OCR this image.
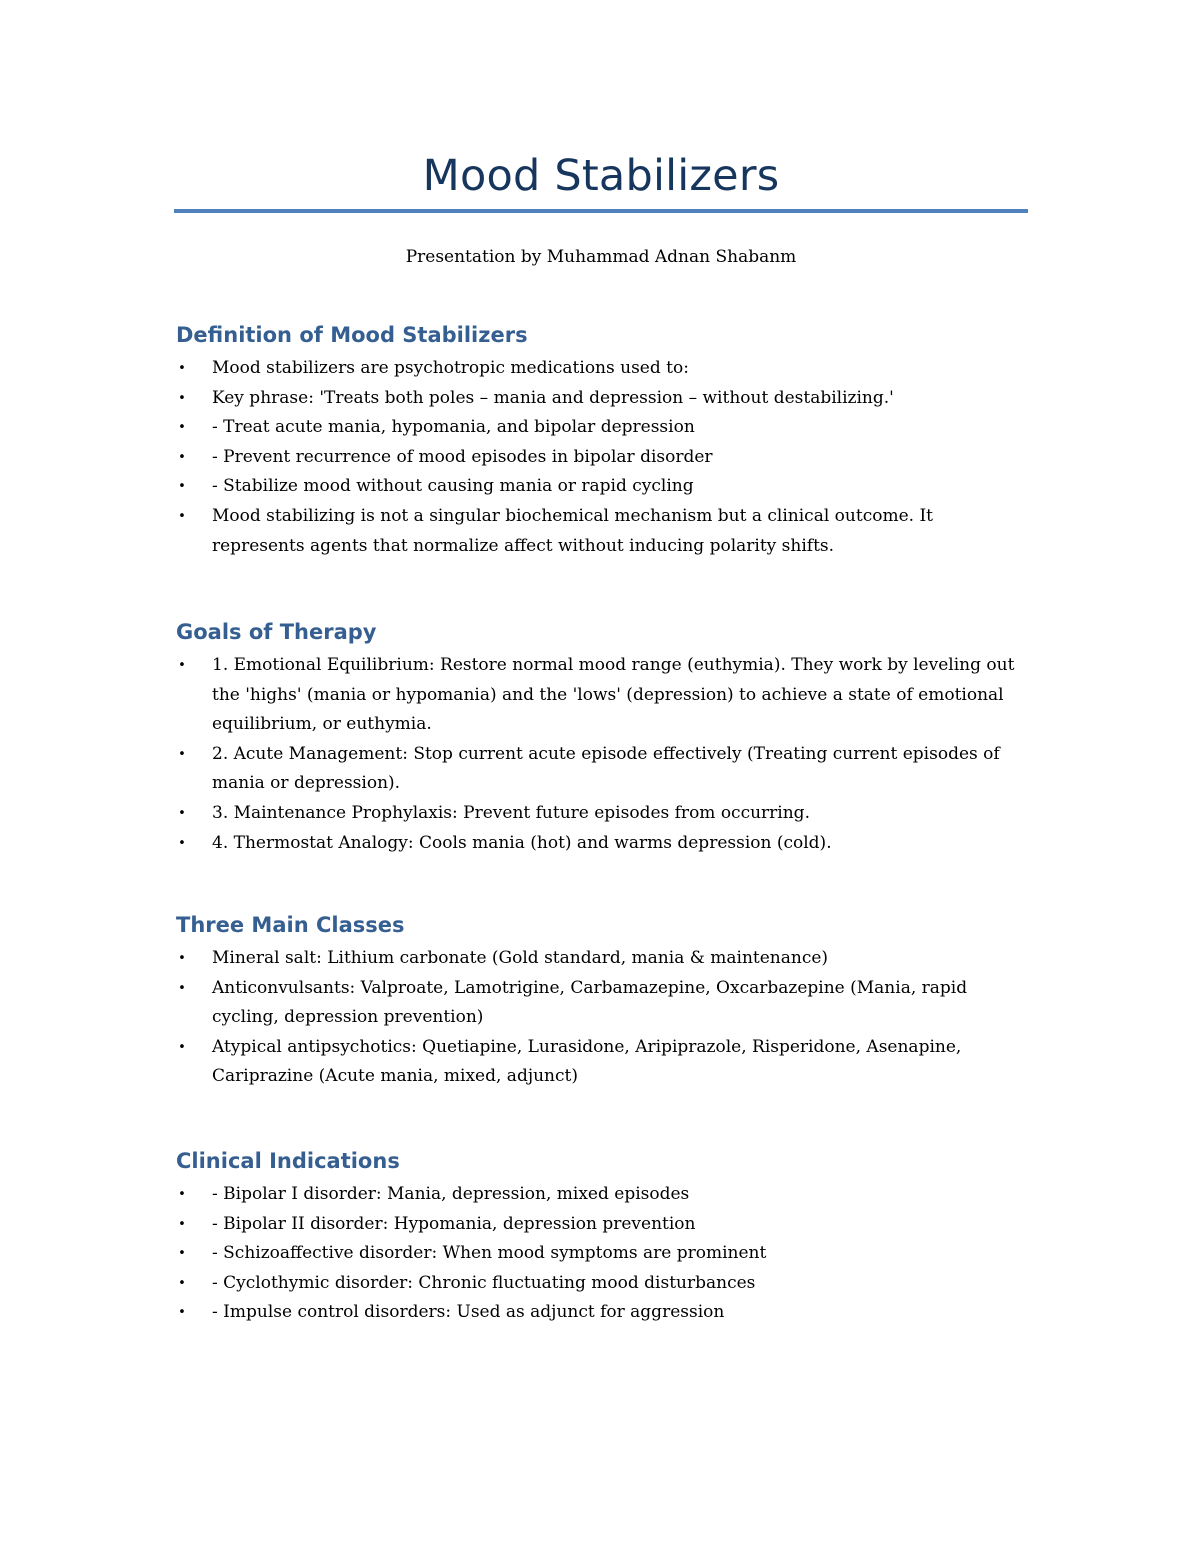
Mood Stabilizers
Presentation by Muhammad Adnan Shabanm
Definition of Mood Stabilizers
• Mood stabilizers are psychotropic medications used to:
• Key phrase: 'Treats both poles – mania and depression – without destabilizing.'
• - Treat acute mania, hypomania, and bipolar depression
• - Prevent recurrence of mood episodes in bipolar disorder
• - Stabilize mood without causing mania or rapid cycling
• Mood stabilizing is not a singular biochemical mechanism but a clinical outcome. It represents agents that normalize affect without inducing polarity shifts.
Goals of Therapy
• 1. Emotional Equilibrium: Restore normal mood range (euthymia). They work by leveling out the 'highs' (mania or hypomania) and the 'lows' (depression) to achieve a state of emotional equilibrium, or euthymia.
• 2. Acute Management: Stop current acute episode effectively (Treating current episodes of mania or depression).
• 3. Maintenance Prophylaxis: Prevent future episodes from occurring.
• 4. Thermostat Analogy: Cools mania (hot) and warms depression (cold).
Three Main Classes
• Mineral salt: Lithium carbonate (Gold standard, mania & maintenance)
• Anticonvulsants: Valproate, Lamotrigine, Carbamazepine, Oxcarbazepine (Mania, rapid cycling, depression prevention)
• Atypical antipsychotics: Quetiapine, Lurasidone, Aripiprazole, Risperidone, Asenapine, Cariprazine (Acute mania, mixed, adjunct)
Clinical Indications
• - Bipolar I disorder: Mania, depression, mixed episodes
• - Bipolar II disorder: Hypomania, depression prevention
• - Schizoaffective disorder: When mood symptoms are prominent
• - Cyclothymic disorder: Chronic fluctuating mood disturbances
• - Impulse control disorders: Used as adjunct for aggression
